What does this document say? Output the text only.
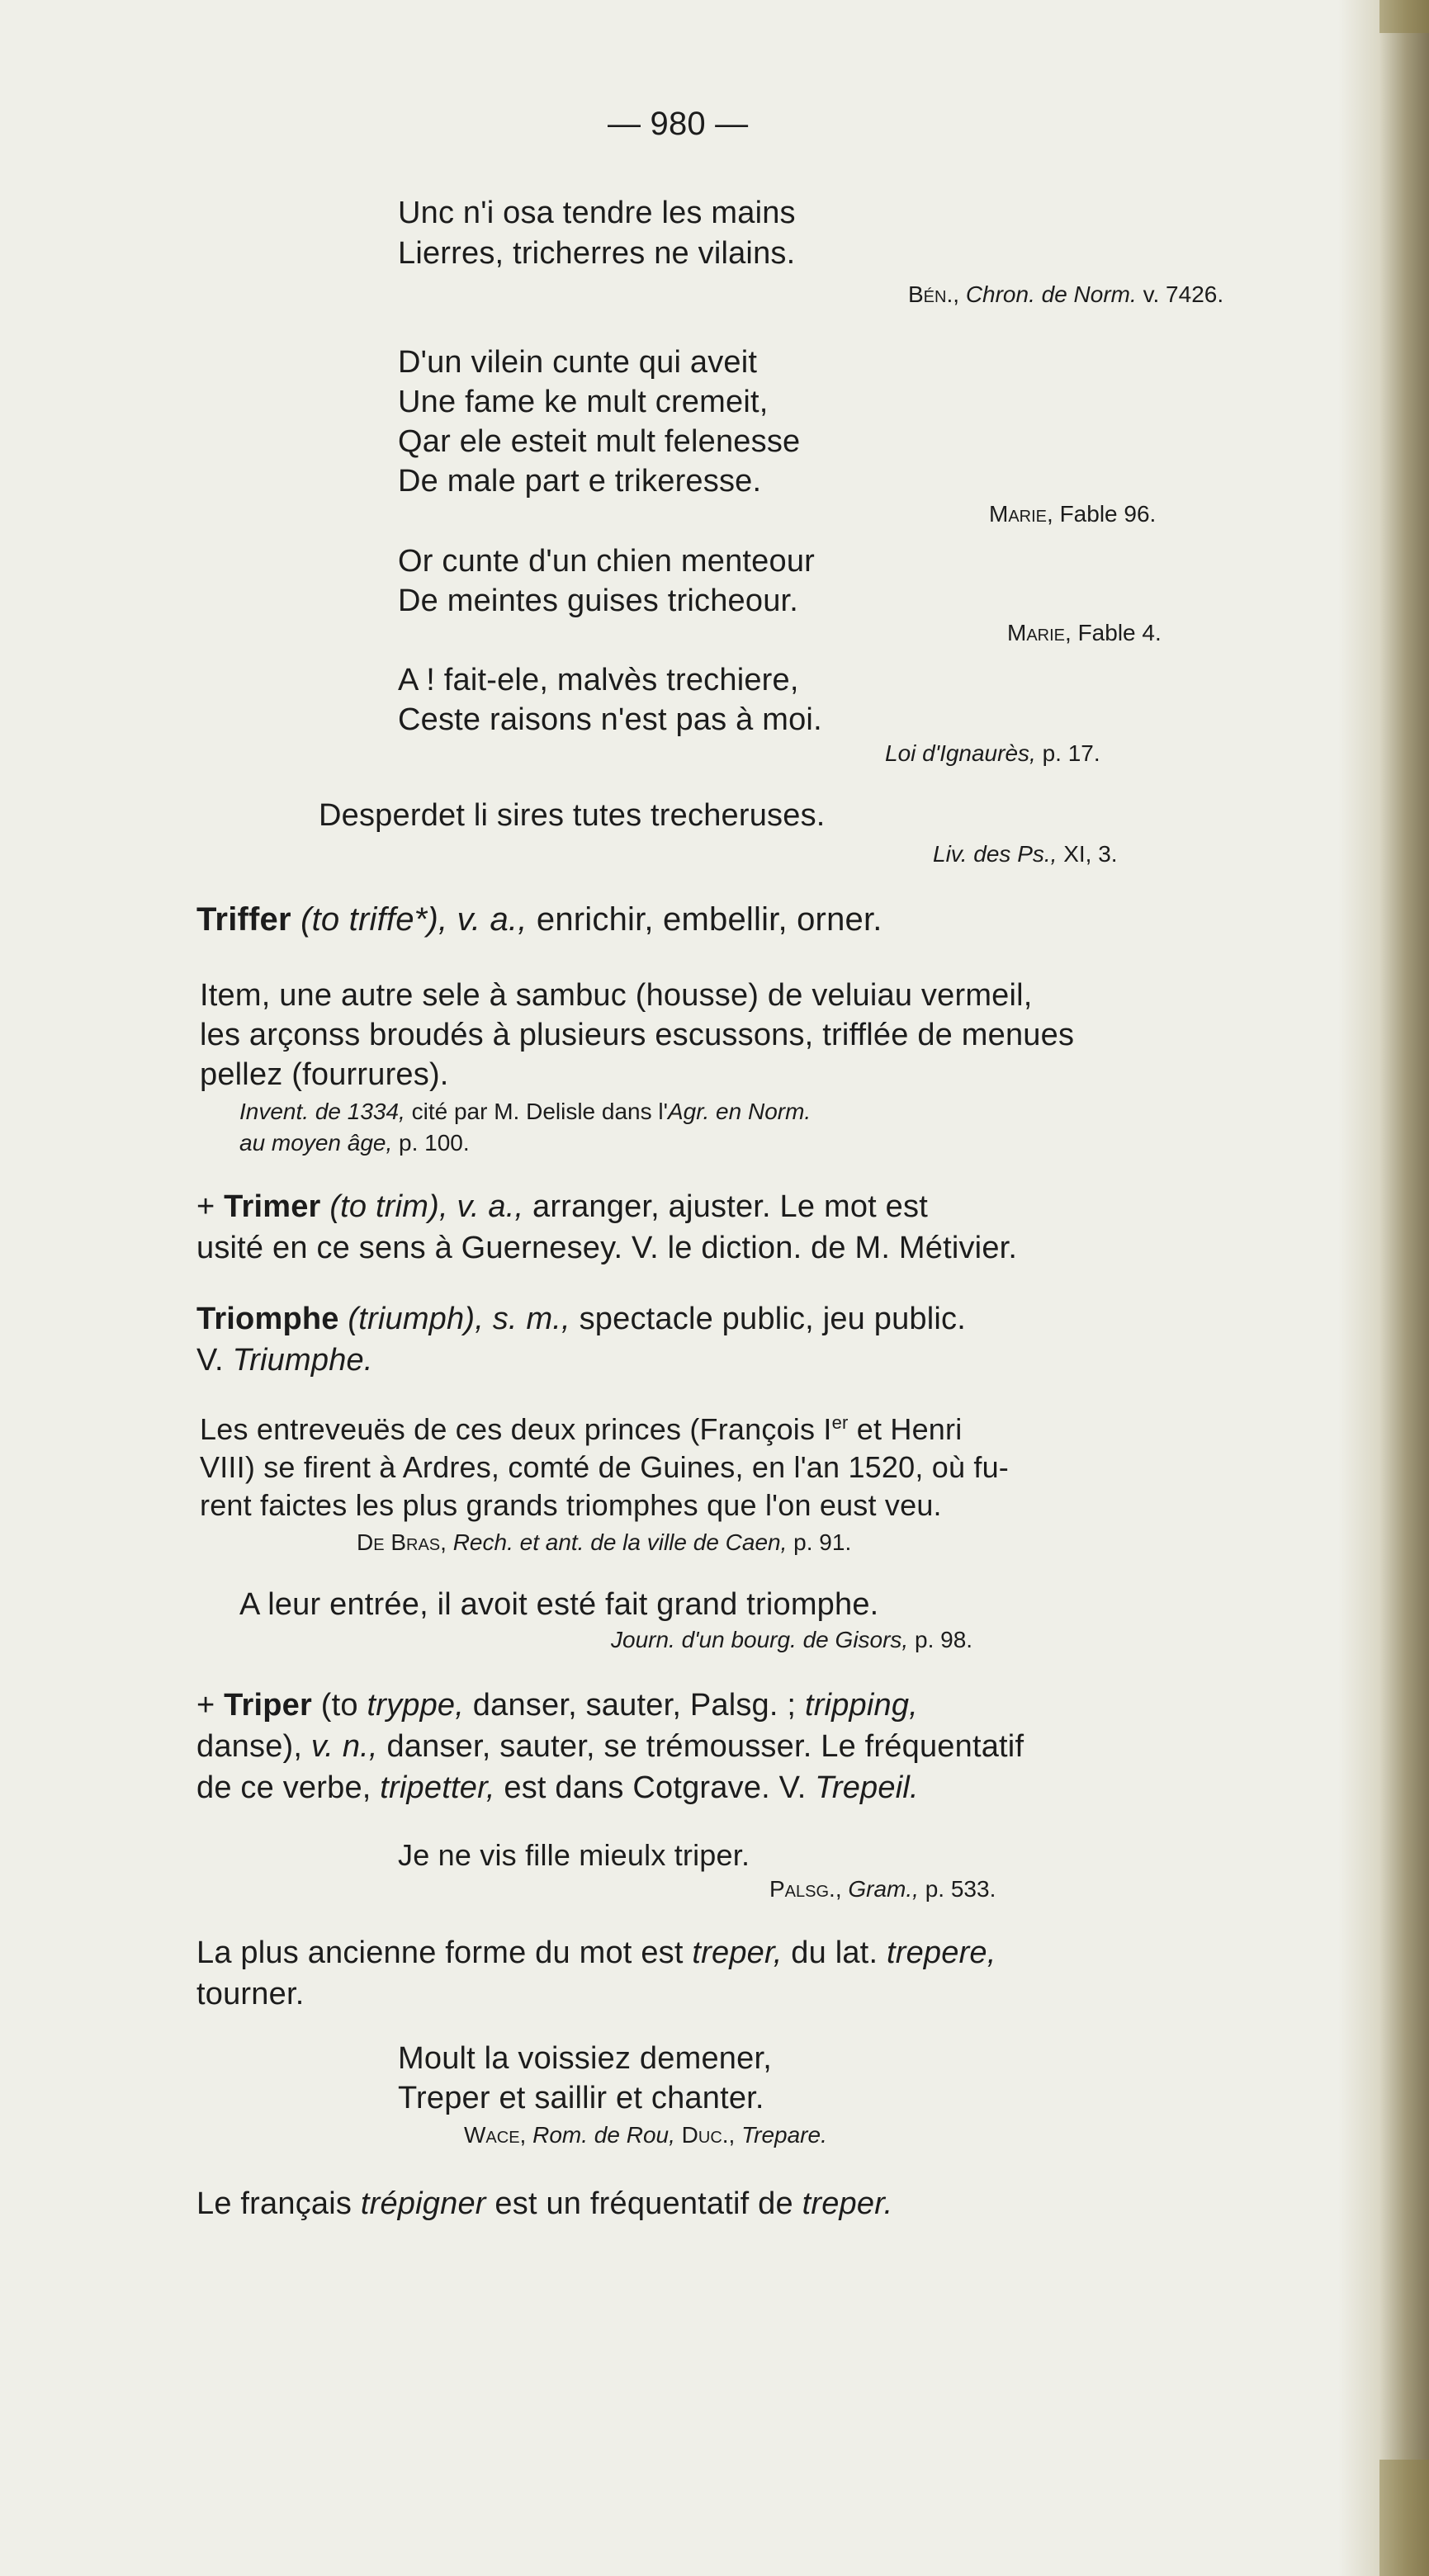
— 980 —
Unc n'i osa tendre les mains
Lierres, tricherres ne vilains.
Bén., Chron. de Norm. v. 7426.
D'un vilein cunte qui aveit
Une fame ke mult cremeit,
Qar ele esteit mult felenesse
De male part e trikeresse.
Marie, Fable 96.
Or cunte d'un chien menteour
De meintes guises tricheour.
Marie, Fable 4.
A ! fait-ele, malvès trechiere,
Ceste raisons n'est pas à moi.
Loi d'Ignaurès, p. 17.
Desperdet li sires tutes trecheruses.
Liv. des Ps., XI, 3.
Triffer (to triffe*), v. a., enrichir, embellir, orner.
Item, une autre sele à sambuc (housse) de veluiau vermeil,
les arçonss broudés à plusieurs escussons, trifflée de menues
pellez (fourrures).
Invent. de 1334, cité par M. Delisle dans l'Agr. en Norm.
au moyen âge, p. 100.
+ Trimer (to trim), v. a., arranger, ajuster. Le mot est
usité en ce sens à Guernesey. V. le diction. de M. Métivier.
Triomphe (triumph), s. m., spectacle public, jeu public.
V. Triumphe.
Les entreveuës de ces deux princes (François Ier et Henri
VIII) se firent à Ardres, comté de Guines, en l'an 1520, où fu-
rent faictes les plus grands triomphes que l'on eust veu.
De Bras, Rech. et ant. de la ville de Caen, p. 91.
A leur entrée, il avoit esté fait grand triomphe.
Journ. d'un bourg. de Gisors, p. 98.
+ Triper (to tryppe, danser, sauter, Palsg. ; tripping,
danse), v. n., danser, sauter, se trémousser. Le fréquentatif
de ce verbe, tripetter, est dans Cotgrave. V. Trepeil.
Je ne vis fille mieulx triper.
Palsg., Gram., p. 533.
La plus ancienne forme du mot est treper, du lat. trepere,
tourner.
Moult la voissiez demener,
Treper et saillir et chanter.
Wace, Rom. de Rou, Duc., Trepare.
Le français trépigner est un fréquentatif de treper.
